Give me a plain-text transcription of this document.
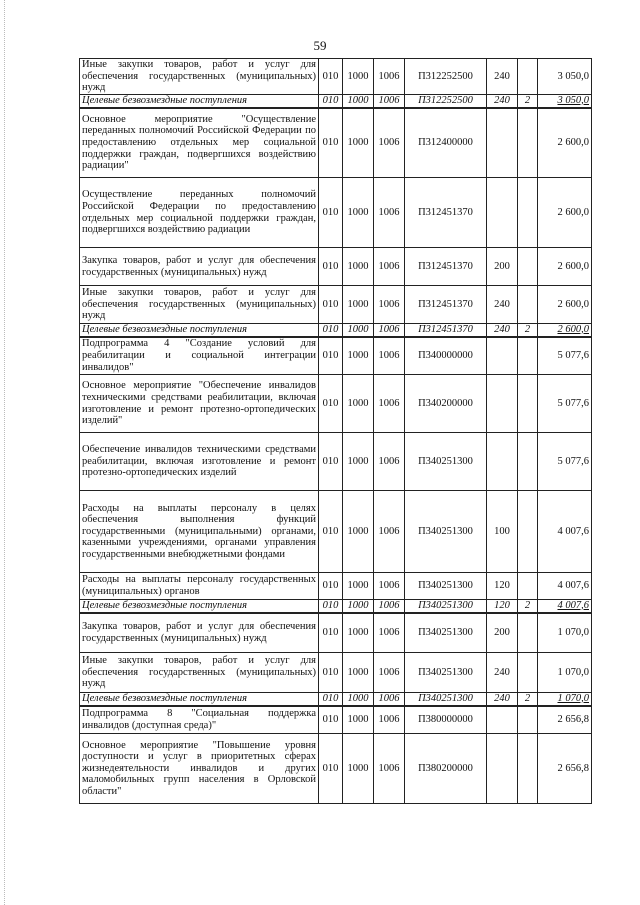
59
Иные закупки товаров, работ и услуг для обеспечения государственных (муниципальных) нужд	010	1000	1006	П312252500	240		3 050,0
Целевые безвозмездные поступления	010	1000	1006	П312252500	240	2	3 050,0
Основное мероприятие "Осуществление переданных полномочий Российской Федерации по предоставлению отдельных мер социальной поддержки граждан, подвергшихся воздействию радиации"	010	1000	1006	П312400000			2 600,0
Осуществление переданных полномочий Российской Федерации по предоставлению отдельных мер социальной поддержки граждан, подвергшихся воздействию радиации	010	1000	1006	П312451370			2 600,0
Закупка товаров, работ и услуг для обеспечения государственных (муниципальных) нужд	010	1000	1006	П312451370	200		2 600,0
Иные закупки товаров, работ и услуг для обеспечения государственных (муниципальных) нужд	010	1000	1006	П312451370	240		2 600,0
Целевые безвозмездные поступления	010	1000	1006	П312451370	240	2	2 600,0
Подпрограмма 4 "Создание условий для реабилитации и социальной интеграции инвалидов"	010	1000	1006	П340000000			5 077,6
Основное мероприятие "Обеспечение инвалидов техническими средствами реабилитации, включая изготовление и ремонт протезно-ортопедических изделий"	010	1000	1006	П340200000			5 077,6
Обеспечение инвалидов техническими средствами реабилитации, включая изготовление и ремонт протезно-ортопедических изделий	010	1000	1006	П340251300			5 077,6
Расходы на выплаты персоналу в целях обеспечения выполнения функций государственными (муниципальными) органами, казенными учреждениями, органами управления государственными внебюджетными фондами	010	1000	1006	П340251300	100		4 007,6
Расходы на выплаты персоналу государственных (муниципальных) органов	010	1000	1006	П340251300	120		4 007,6
Целевые безвозмездные поступления	010	1000	1006	П340251300	120	2	4 007,6
Закупка товаров, работ и услуг для обеспечения государственных (муниципальных) нужд	010	1000	1006	П340251300	200		1 070,0
Иные закупки товаров, работ и услуг для обеспечения государственных (муниципальных) нужд	010	1000	1006	П340251300	240		1 070,0
Целевые безвозмездные поступления	010	1000	1006	П340251300	240	2	1 070,0
Подпрограмма 8 "Социальная поддержка инвалидов (доступная среда)"	010	1000	1006	П380000000			2 656,8
Основное мероприятие "Повышение уровня доступности и услуг в приоритетных сферах жизнедеятельности инвалидов и других маломобильных групп населения в Орловской области"	010	1000	1006	П380200000			2 656,8
